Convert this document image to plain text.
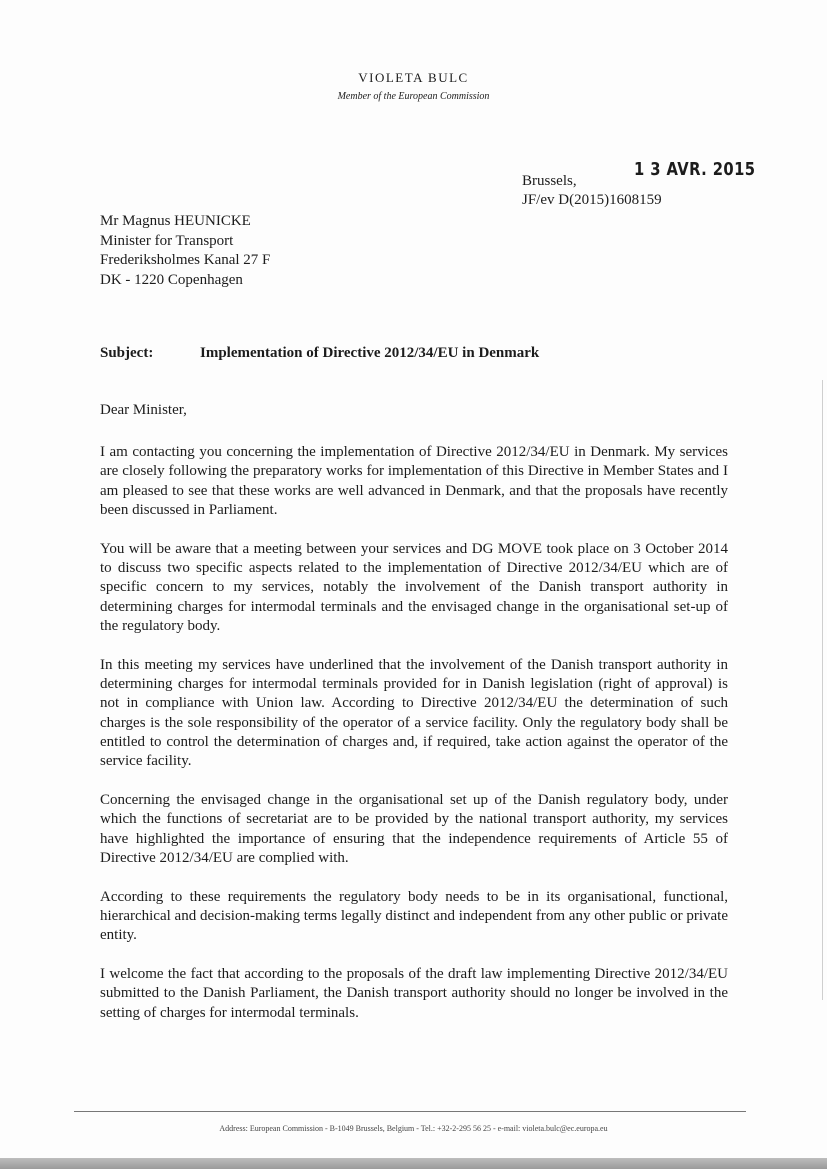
VIOLETA BULC
Member of the European Commission
1 3 AVR. 2015
Brussels,
JF/ev D(2015)1608159
Mr Magnus HEUNICKE
Minister for Transport
Frederiksholmes Kanal 27 F
DK - 1220 Copenhagen
Subject:	Implementation of Directive 2012/34/EU in Denmark
Dear Minister,

I am contacting you concerning the implementation of Directive 2012/34/EU in Denmark. My services are closely following the preparatory works for implementation of this Directive in Member States and I am pleased to see that these works are well advanced in Denmark, and that the proposals have recently been discussed in Parliament.

You will be aware that a meeting between your services and DG MOVE took place on 3 October 2014 to discuss two specific aspects related to the implementation of Directive 2012/34/EU which are of specific concern to my services, notably the involvement of the Danish transport authority in determining charges for intermodal terminals and the envisaged change in the organisational set-up of the regulatory body.

In this meeting my services have underlined that the involvement of the Danish transport authority in determining charges for intermodal terminals provided for in Danish legislation (right of approval) is not in compliance with Union law. According to Directive 2012/34/EU the determination of such charges is the sole responsibility of the operator of a service facility. Only the regulatory body shall be entitled to control the determination of charges and, if required, take action against the operator of the service facility.

Concerning the envisaged change in the organisational set up of the Danish regulatory body, under which the functions of secretariat are to be provided by the national transport authority, my services have highlighted the importance of ensuring that the independence requirements of Article 55 of Directive 2012/34/EU are complied with.

According to these requirements the regulatory body needs to be in its organisational, functional, hierarchical and decision-making terms legally distinct and independent from any other public or private entity.

I welcome the fact that according to the proposals of the draft law implementing Directive 2012/34/EU submitted to the Danish Parliament, the Danish transport authority should no longer be involved in the setting of charges for intermodal terminals.

Address: European Commission - B-1049 Brussels, Belgium - Tel.: +32-2-295 56 25 - e-mail: violeta.bulc@ec.europa.eu
